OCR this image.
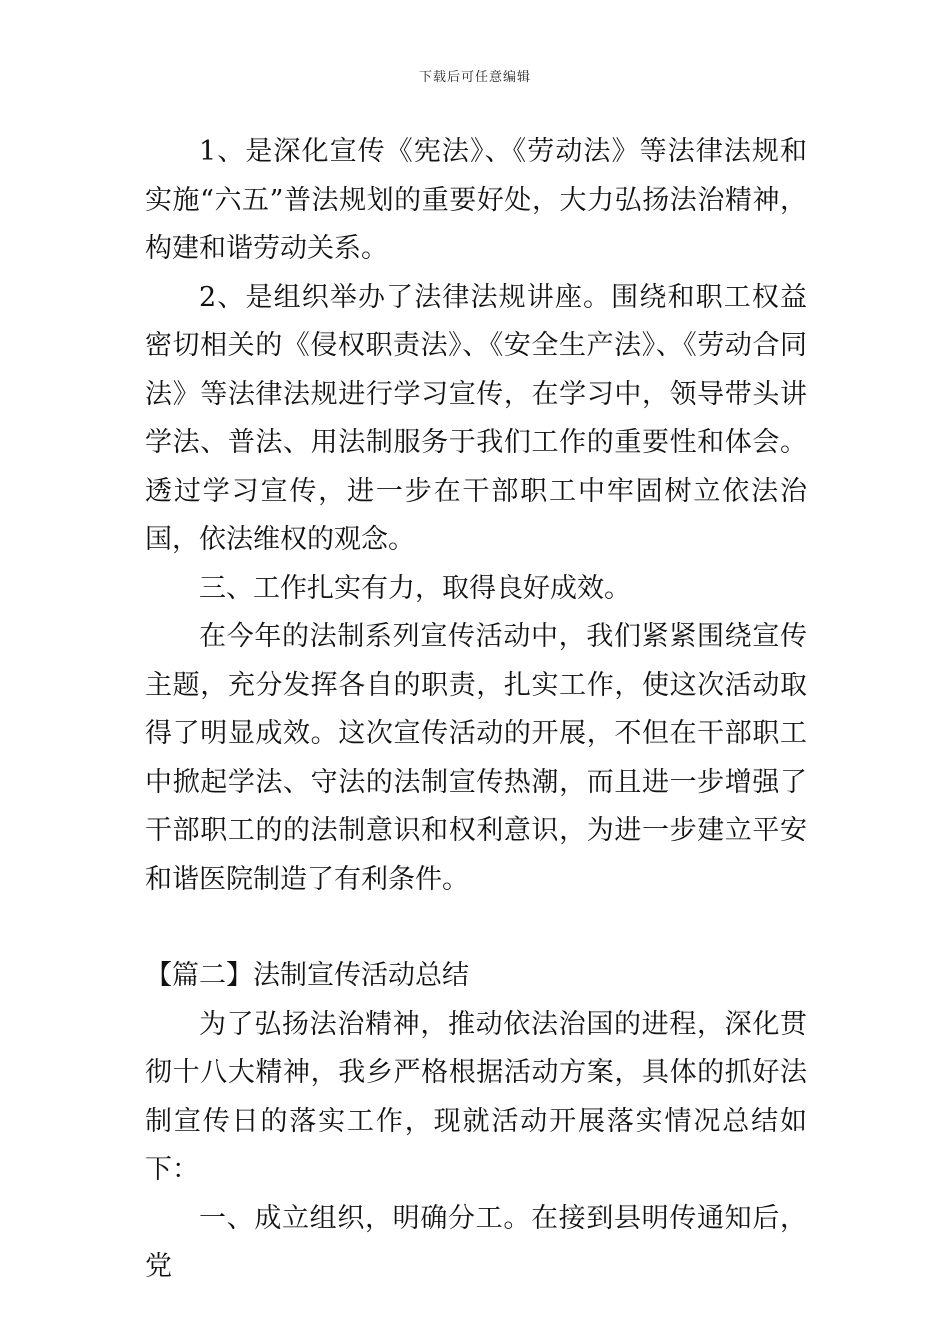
下载后可任意编辑

1、是深化宣传《宪法》、《劳动法》等法律法规和实施“六五”普法规划的重要好处，大力弘扬法治精神，构建和谐劳动关系。

2、是组织举办了法律法规讲座。围绕和职工权益密切相关的《侵权职责法》、《安全生产法》、《劳动合同法》等法律法规进行学习宣传，在学习中，领导带头讲学法、普法、用法制服务于我们工作的重要性和体会。透过学习宣传，进一步在干部职工中牢固树立依法治国，依法维权的观念。

三、工作扎实有力，取得良好成效。

在今年的法制系列宣传活动中，我们紧紧围绕宣传主题，充分发挥各自的职责，扎实工作，使这次活动取得了明显成效。这次宣传活动的开展，不但在干部职工中掀起学法、守法的法制宣传热潮，而且进一步增强了干部职工的的法制意识和权利意识，为进一步建立平安和谐医院制造了有利条件。

【篇二】法制宣传活动总结

为了弘扬法治精神，推动依法治国的进程，深化贯彻十八大精神，我乡严格根据活动方案，具体的抓好法制宣传日的落实工作，现就活动开展落实情况总结如下：

一、成立组织，明确分工。在接到县明传通知后，党
